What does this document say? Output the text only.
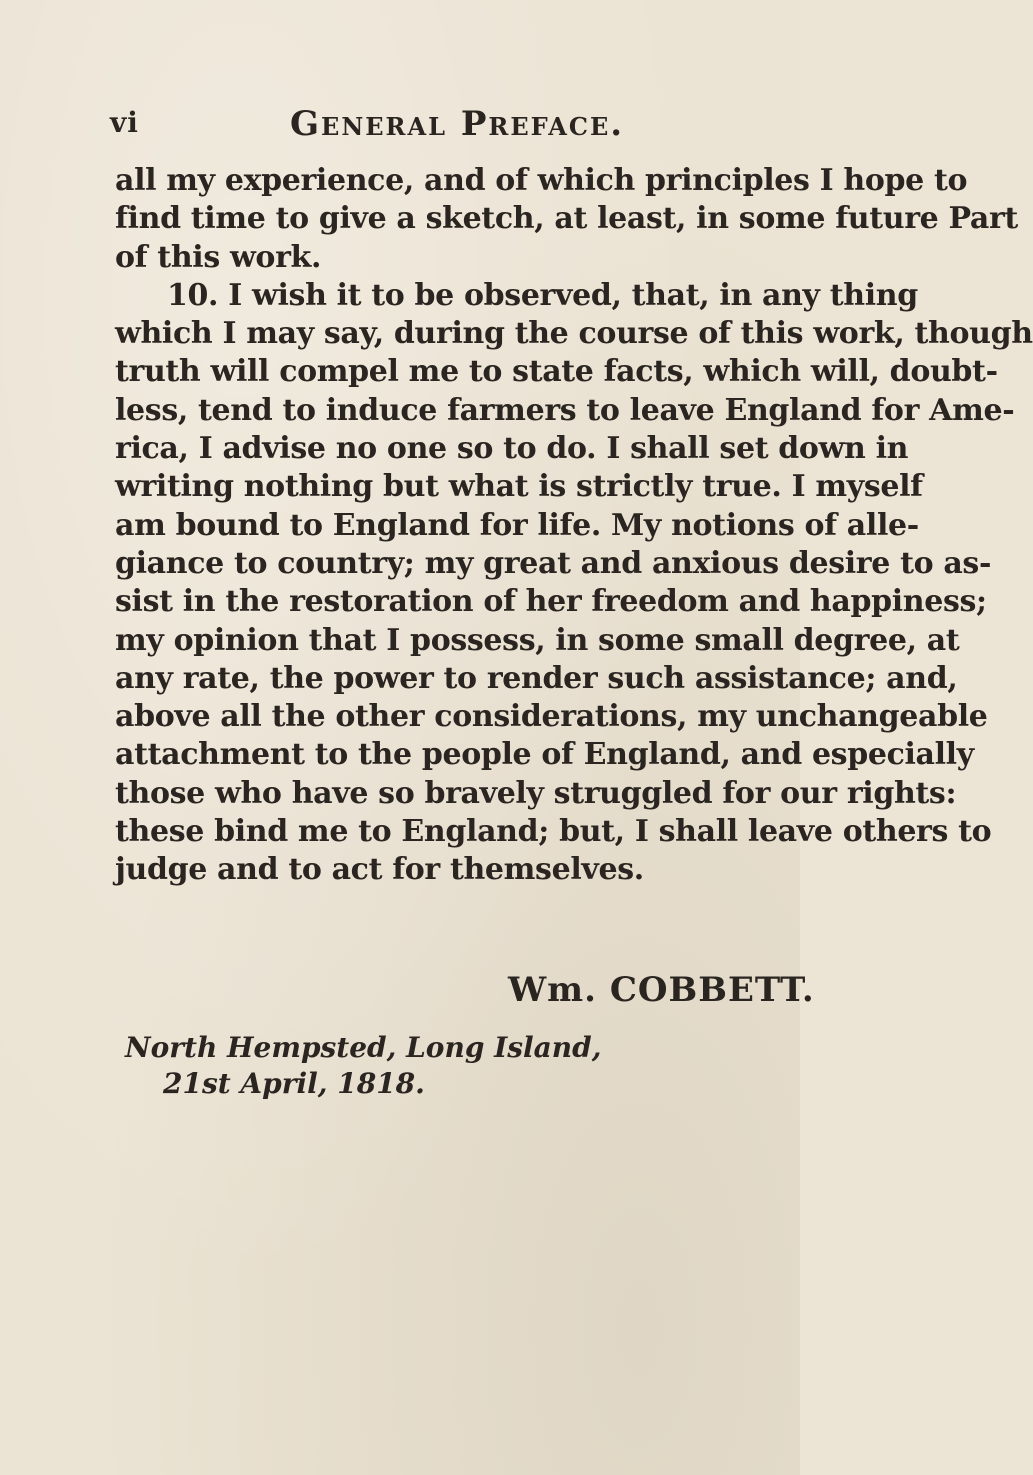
vi	General Preface.
all my experience, and of which principles I hope to
find time to give a sketch, at least, in some future Part
of this work.
10. I wish it to be observed, that, in any thing
which I may say, during the course of this work, though
truth will compel me to state facts, which will, doubt-
less, tend to induce farmers to leave England for Ame-
rica, I advise no one so to do. I shall set down in
writing nothing but what is strictly true. I myself
am bound to England for life. My notions of alle-
giance to country; my great and anxious desire to as-
sist in the restoration of her freedom and happiness;
my opinion that I possess, in some small degree, at
any rate, the power to render such assistance; and,
above all the other considerations, my unchangeable
attachment to the people of England, and especially
those who have so bravely struggled for our rights:
these bind me to England; but, I shall leave others to
judge and to act for themselves.
Wm. COBBETT.
North Hempsted, Long Island,
21st April, 1818.
